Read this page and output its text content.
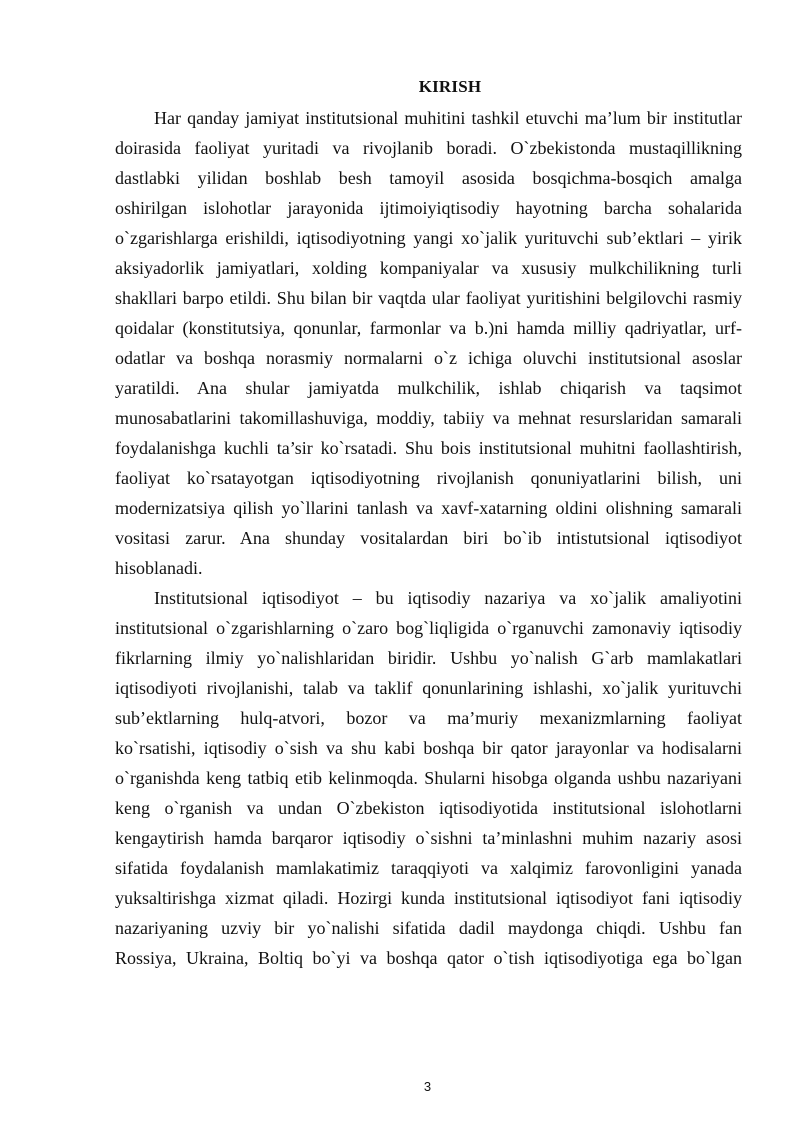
KIRISH
Har qanday jamiyat institutsional muhitini tashkil etuvchi ma’lum bir institutlar
doirasida faoliyat yuritadi va rivojlanib boradi. O`zbekistonda mustaqillikning
dastlabki yilidan boshlab besh tamoyil asosida bosqichma-bosqich amalga
oshirilgan islohotlar jarayonida ijtimoiyiqtisodiy hayotning barcha sohalarida
o`zgarishlarga erishildi, iqtisodiyotning yangi xo`jalik yurituvchi sub’ektlari – yirik
aksiyadorlik jamiyatlari, xolding kompaniyalar va xususiy mulkchilikning turli
shakllari barpo etildi. Shu bilan bir vaqtda ular faoliyat yuritishini belgilovchi rasmiy
qoidalar (konstitutsiya, qonunlar, farmonlar va b.)ni hamda milliy qadriyatlar, urf-
odatlar va boshqa norasmiy normalarni o`z ichiga oluvchi institutsional asoslar
yaratildi. Ana shular jamiyatda mulkchilik, ishlab chiqarish va taqsimot
munosabatlarini takomillashuviga, moddiy, tabiiy va mehnat resurslaridan samarali
foydalanishga kuchli ta’sir ko`rsatadi. Shu bois institutsional muhitni faollashtirish,
faoliyat ko`rsatayotgan iqtisodiyotning rivojlanish qonuniyatlarini bilish, uni
modernizatsiya qilish yo`llarini tanlash va xavf-xatarning oldini olishning samarali
vositasi zarur. Ana shunday vositalardan biri bo`ib intistutsional iqtisodiyot
hisoblanadi.
Institutsional iqtisodiyot – bu iqtisodiy nazariya va xo`jalik amaliyotini
institutsional o`zgarishlarning o`zaro bog`liqligida o`rganuvchi zamonaviy iqtisodiy
fikrlarning ilmiy yo`nalishlaridan biridir. Ushbu yo`nalish G`arb mamlakatlari
iqtisodiyoti rivojlanishi, talab va taklif qonunlarining ishlashi, xo`jalik yurituvchi
sub’ektlarning hulq-atvori, bozor va ma’muriy mexanizmlarning faoliyat
ko`rsatishi, iqtisodiy o`sish va shu kabi boshqa bir qator jarayonlar va hodisalarni
o`rganishda keng tatbiq etib kelinmoqda. Shularni hisobga olganda ushbu nazariyani
keng o`rganish va undan O`zbekiston iqtisodiyotida institutsional islohotlarni
kengaytirish hamda barqaror iqtisodiy o`sishni ta’minlashni muhim nazariy asosi
sifatida foydalanish mamlakatimiz taraqqiyoti va xalqimiz farovonligini yanada
yuksaltirishga xizmat qiladi. Hozirgi kunda institutsional iqtisodiyot fani iqtisodiy
nazariyaning uzviy bir yo`nalishi sifatida dadil maydonga chiqdi. Ushbu fan
Rossiya, Ukraina, Boltiq bo`yi va boshqa qator o`tish iqtisodiyotiga ega bo`lgan
3
